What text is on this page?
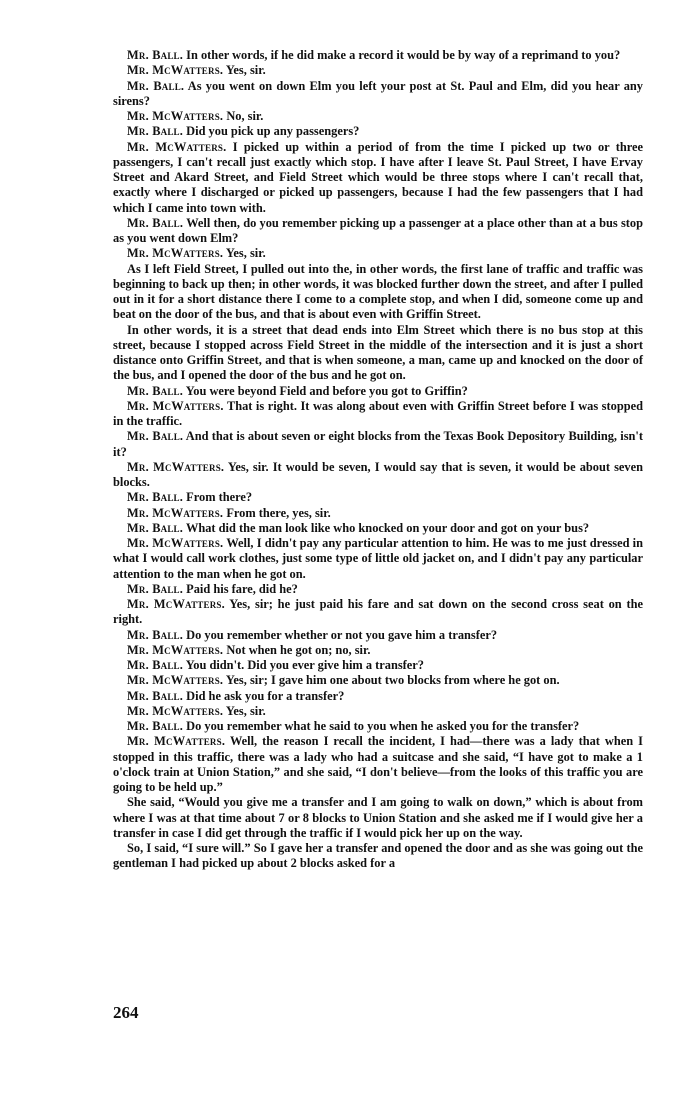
Mr. Ball. In other words, if he did make a record it would be by way of a reprimand to you?

Mr. McWatters. Yes, sir.

Mr. Ball. As you went on down Elm you left your post at St. Paul and Elm, did you hear any sirens?

Mr. McWatters. No, sir.

Mr. Ball. Did you pick up any passengers?

Mr. McWatters. I picked up within a period of from the time I picked up two or three passengers, I can't recall just exactly which stop. I have after I leave St. Paul Street, I have Ervay Street and Akard Street, and Field Street which would be three stops where I can't recall that, exactly where I discharged or picked up passengers, because I had the few passengers that I had which I came into town with.

Mr. Ball. Well then, do you remember picking up a passenger at a place other than at a bus stop as you went down Elm?

Mr. McWatters. Yes, sir.

As I left Field Street, I pulled out into the, in other words, the first lane of traffic and traffic was beginning to back up then; in other words, it was blocked further down the street, and after I pulled out in it for a short distance there I come to a complete stop, and when I did, someone come up and beat on the door of the bus, and that is about even with Griffin Street.

In other words, it is a street that dead ends into Elm Street which there is no bus stop at this street, because I stopped across Field Street in the middle of the intersection and it is just a short distance onto Griffin Street, and that is when someone, a man, came up and knocked on the door of the bus, and I opened the door of the bus and he got on.

Mr. Ball. You were beyond Field and before you got to Griffin?

Mr. McWatters. That is right. It was along about even with Griffin Street before I was stopped in the traffic.

Mr. Ball. And that is about seven or eight blocks from the Texas Book Depository Building, isn't it?

Mr. McWatters. Yes, sir. It would be seven, I would say that is seven, it would be about seven blocks.

Mr. Ball. From there?

Mr. McWatters. From there, yes, sir.

Mr. Ball. What did the man look like who knocked on your door and got on your bus?

Mr. McWatters. Well, I didn't pay any particular attention to him. He was to me just dressed in what I would call work clothes, just some type of little old jacket on, and I didn't pay any particular attention to the man when he got on.

Mr. Ball. Paid his fare, did he?

Mr. McWatters. Yes, sir; he just paid his fare and sat down on the second cross seat on the right.

Mr. Ball. Do you remember whether or not you gave him a transfer?

Mr. McWatters. Not when he got on; no, sir.

Mr. Ball. You didn't. Did you ever give him a transfer?

Mr. McWatters. Yes, sir; I gave him one about two blocks from where he got on.

Mr. Ball. Did he ask you for a transfer?

Mr. McWatters. Yes, sir.

Mr. Ball. Do you remember what he said to you when he asked you for the transfer?

Mr. McWatters. Well, the reason I recall the incident, I had—there was a lady that when I stopped in this traffic, there was a lady who had a suitcase and she said, “I have got to make a 1 o'clock train at Union Station,” and she said, “I don't believe—from the looks of this traffic you are going to be held up.”

She said, “Would you give me a transfer and I am going to walk on down,” which is about from where I was at that time about 7 or 8 blocks to Union Station and she asked me if I would give her a transfer in case I did get through the traffic if I would pick her up on the way.

So, I said, “I sure will.” So I gave her a transfer and opened the door and as she was going out the gentleman I had picked up about 2 blocks asked for a

264
